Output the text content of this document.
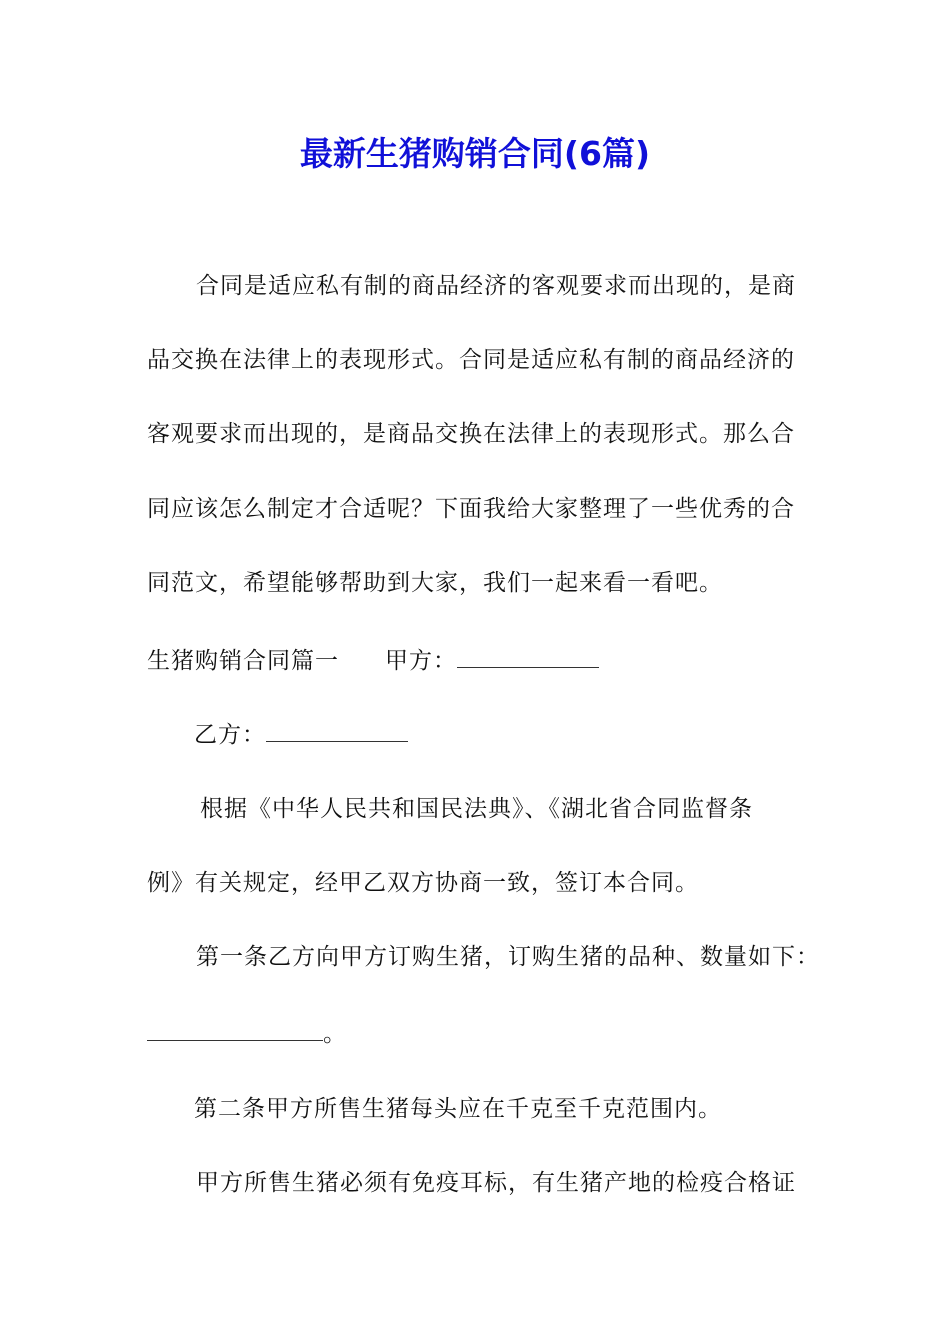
最新生猪购销合同(6篇)
合同是适应私有制的商品经济的客观要求而出现的，是商
品交换在法律上的表现形式。合同是适应私有制的商品经济的
客观要求而出现的，是商品交换在法律上的表现形式。那么合
同应该怎么制定才合适呢？下面我给大家整理了一些优秀的合
同范文，希望能够帮助到大家，我们一起来看一看吧。
生猪购销合同篇一 甲方：
乙方：
根据《中华人民共和国民法典》、《湖北省合同监督条
例》有关规定，经甲乙双方协商一致，签订本合同。
第一条乙方向甲方订购生猪，订购生猪的品种、数量如下：
。
第二条甲方所售生猪每头应在千克至千克范围内。
甲方所售生猪必须有免疫耳标，有生猪产地的检疫合格证
